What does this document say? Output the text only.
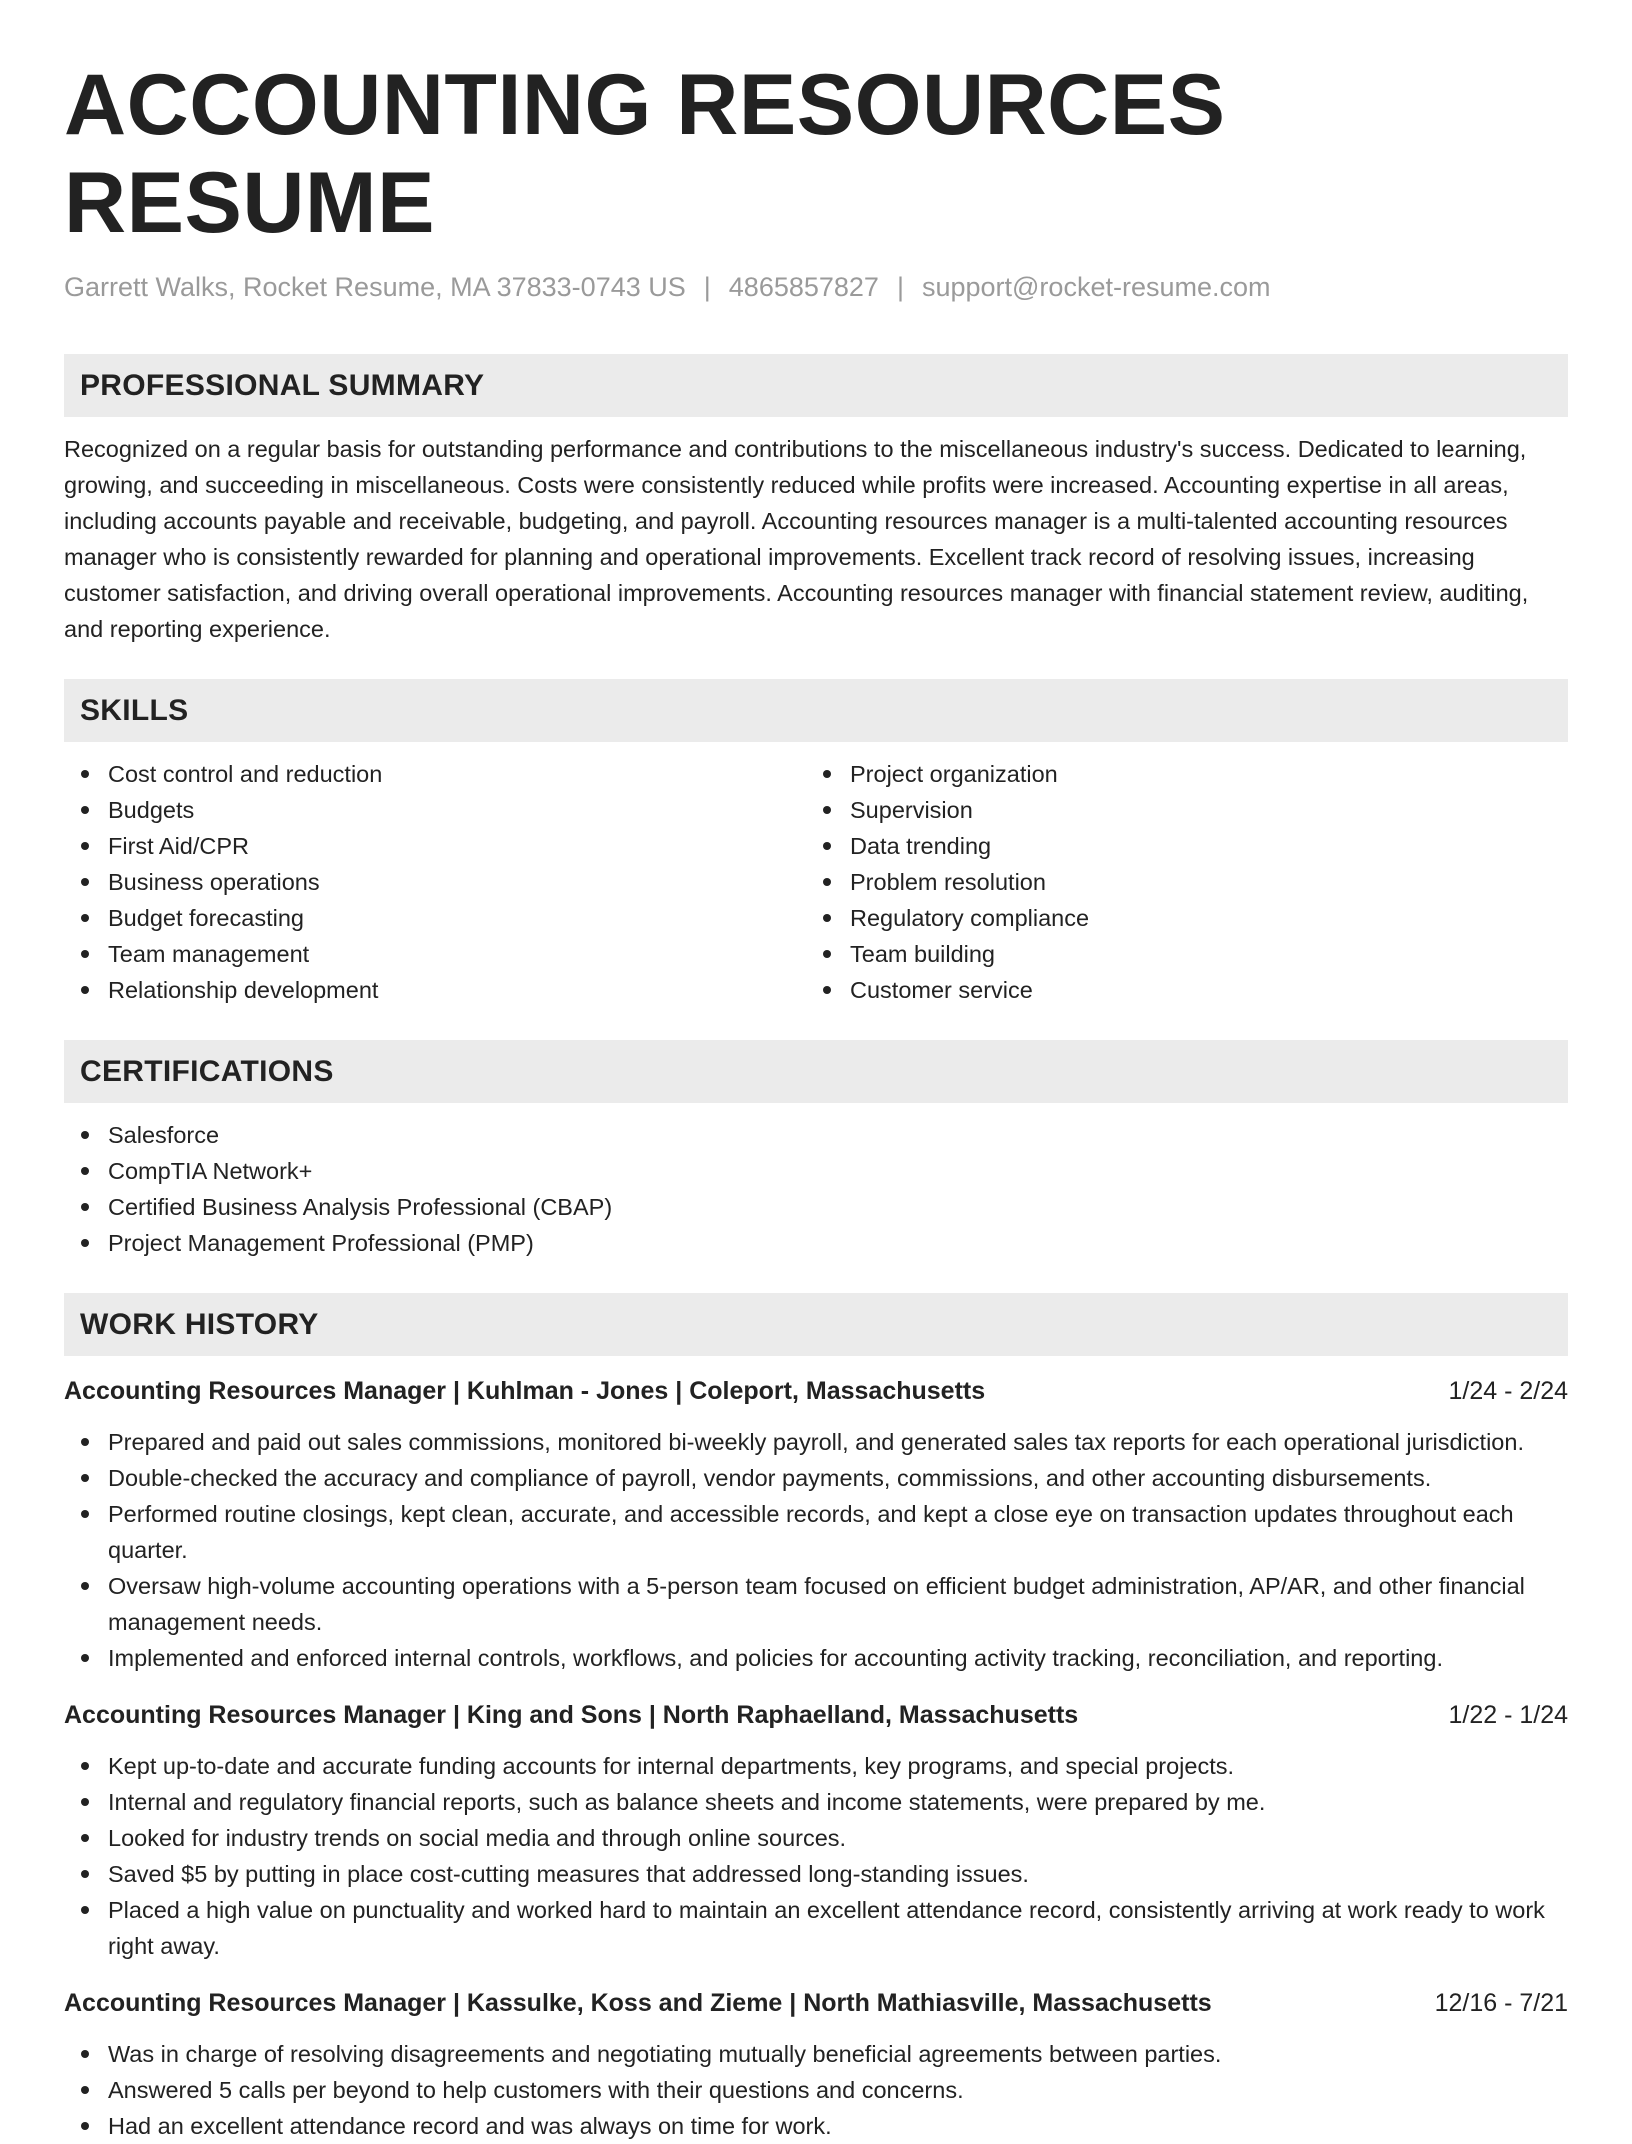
ACCOUNTING RESOURCES RESUME
Garrett Walks, Rocket Resume, MA 37833-0743 US | 4865857827 | support@rocket-resume.com
PROFESSIONAL SUMMARY

Recognized on a regular basis for outstanding performance and contributions to the miscellaneous industry's success. Dedicated to learning, growing, and succeeding in miscellaneous. Costs were consistently reduced while profits were increased. Accounting expertise in all areas, including accounts payable and receivable, budgeting, and payroll. Accounting resources manager is a multi-talented accounting resources manager who is consistently rewarded for planning and operational improvements. Excellent track record of resolving issues, increasing customer satisfaction, and driving overall operational improvements. Accounting resources manager with financial statement review, auditing, and reporting experience.

SKILLS
Cost control and reduction
Budgets
First Aid/CPR
Business operations
Budget forecasting
Team management
Relationship development
Project organization
Supervision
Data trending
Problem resolution
Regulatory compliance
Team building
Customer service
CERTIFICATIONS
Salesforce
CompTIA Network+
Certified Business Analysis Professional (CBAP)
Project Management Professional (PMP)
WORK HISTORY
Accounting Resources Manager | Kuhlman - Jones | Coleport, Massachusetts	1/24 - 2/24
Prepared and paid out sales commissions, monitored bi-weekly payroll, and generated sales tax reports for each operational jurisdiction.
Double-checked the accuracy and compliance of payroll, vendor payments, commissions, and other accounting disbursements.
Performed routine closings, kept clean, accurate, and accessible records, and kept a close eye on transaction updates throughout each quarter.
Oversaw high-volume accounting operations with a 5-person team focused on efficient budget administration, AP/AR, and other financial management needs.
Implemented and enforced internal controls, workflows, and policies for accounting activity tracking, reconciliation, and reporting.
Accounting Resources Manager | King and Sons | North Raphaelland, Massachusetts	1/22 - 1/24
Kept up-to-date and accurate funding accounts for internal departments, key programs, and special projects.
Internal and regulatory financial reports, such as balance sheets and income statements, were prepared by me.
Looked for industry trends on social media and through online sources.
Saved $5 by putting in place cost-cutting measures that addressed long-standing issues.
Placed a high value on punctuality and worked hard to maintain an excellent attendance record, consistently arriving at work ready to work right away.
Accounting Resources Manager | Kassulke, Koss and Zieme | North Mathiasville, Massachusetts	12/16 - 7/21
Was in charge of resolving disagreements and negotiating mutually beneficial agreements between parties.
Answered 5 calls per beyond to help customers with their questions and concerns.
Had an excellent attendance record and was always on time for work.
